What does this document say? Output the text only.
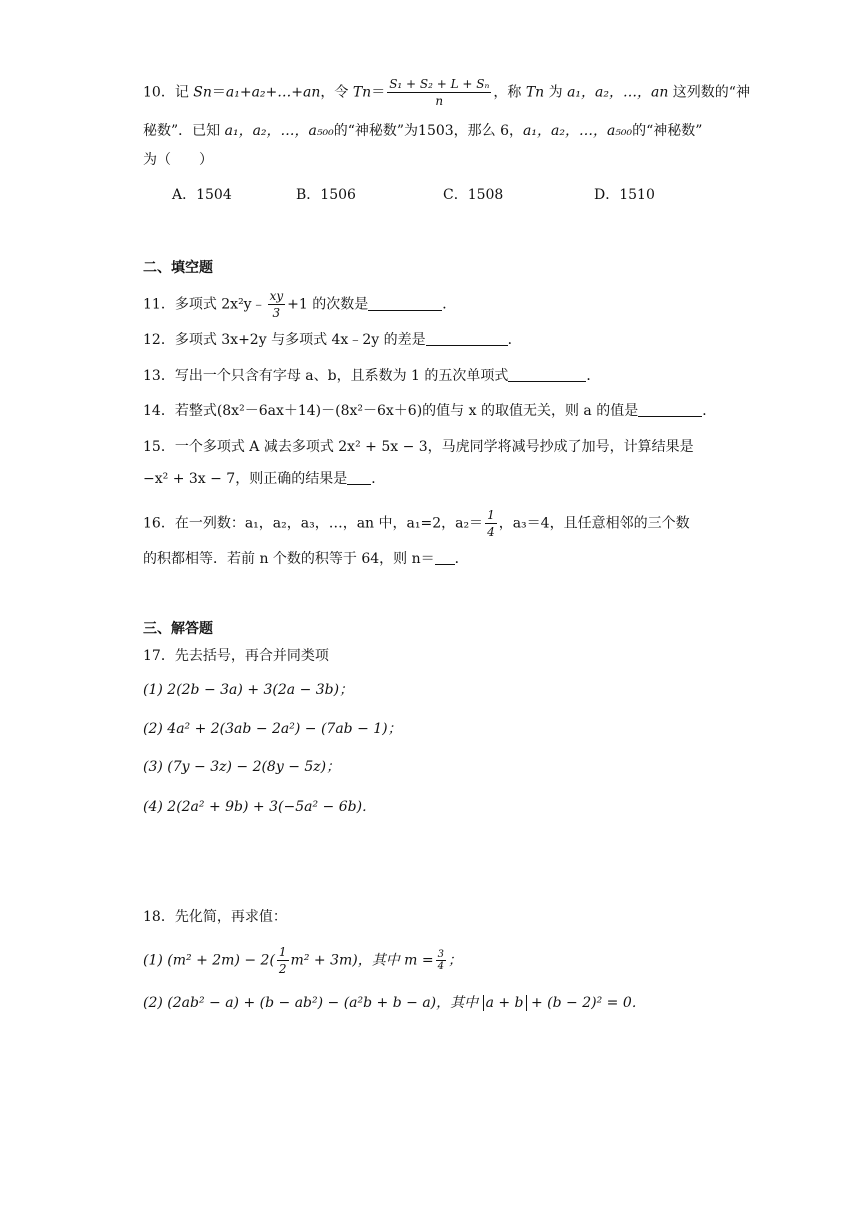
10．记 Sn＝a₁+a₂+…+an，令 $Tn= \frac{\text{S₁ + S₂ + L + Sₙ}}{n}$ ，称 Tn 为 a₁，a₂，…，an 这列数的“神
秘数”．已知 a₁，a₂，…，a₅₀₀的“神秘数”为1503，那么 6，a₁，a₂，…，a₅₀₀的“神秘数”
为（　　）
A．1504	B．1506	C．1508	D．1510
二、填空题
11．多项式 2x²y﹣ $\frac{xy}{3} +1$ 的次数是	．
12．多项式 3x+2y 与多项式 4x﹣2y 的差是	．
13．写出一个只含有字母 a、b，且系数为 1 的五次单项式	．
14．若整式(8x²－6ax＋14)－(8x²－6x＋6)的值与 x 的取值无关，则 a 的值是	．
15．一个多项式 A 减去多项式 2x² + 5x − 3，马虎同学将减号抄成了加号，计算结果是
−x² + 3x − 7，则正确的结果是 ．
16．在一列数：a₁，a₂，a₃，…，an 中，a₁=2，$a_2= \frac{1}{4}$ ，a₃＝4，且任意相邻的三个数
的积都相等．若前 n 个数的积等于 64，则 n＝ ．
三、解答题
17．先去括号，再合并同类项
(1) 2(2b − 3a) + 3(2a − 3b)；
(2) 4a² + 2(3ab − 2a²) − (7ab − 1)；
(3) (7y − 3z) − 2(8y − 5z)；
(4) 2(2a² + 9b) + 3(−5a² − 6b)．
18．先化简，再求值：
(1) $(m^2 + 2m) - 2( \frac{1}{2} m^2 + 3m)$，其中 $m = \frac{3}{4}$ ；
(2) (2ab² − a) + (b − ab²) − (a²b + b − a)，其中 a + b + (b − 2)² = 0．
